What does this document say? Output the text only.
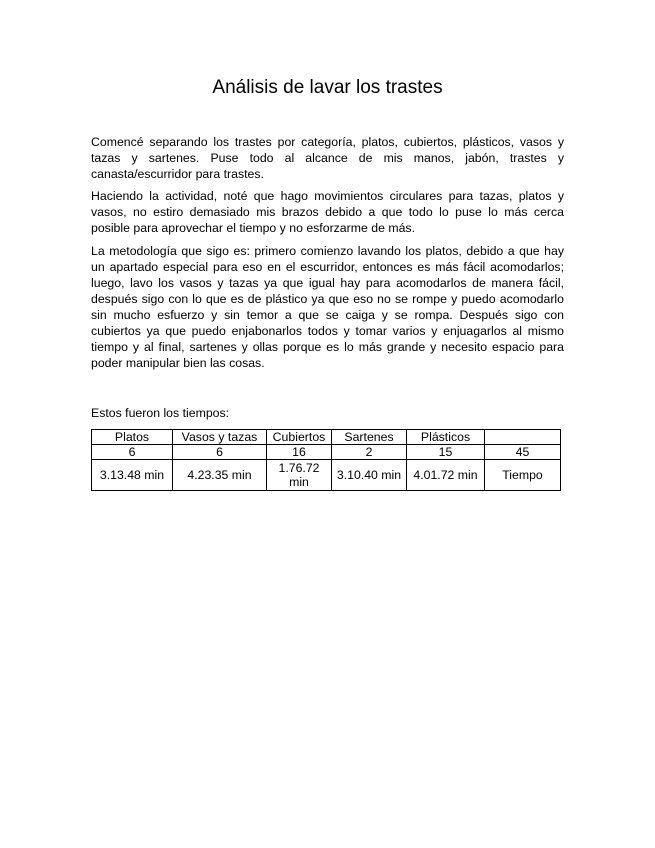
Análisis de lavar los trastes

Comencé separando los trastes por categoría, platos, cubiertos, plásticos, vasos y tazas y sartenes. Puse todo al alcance de mis manos, jabón, trastes y canasta/escurridor para trastes.

Haciendo la actividad, noté que hago movimientos circulares para tazas, platos y vasos, no estiro demasiado mis brazos debido a que todo lo puse lo más cerca posible para aprovechar el tiempo y no esforzarme de más.

La metodología que sigo es: primero comienzo lavando los platos, debido a que hay un apartado especial para eso en el escurridor, entonces es más fácil acomodarlos; luego, lavo los vasos y tazas ya que igual hay para acomodarlos de manera fácil, después sigo con lo que es de plástico ya que eso no se rompe y puedo acomodarlo sin mucho esfuerzo y sin temor a que se caiga y se rompa. Después sigo con cubiertos ya que puedo enjabonarlos todos y tomar varios y enjuagarlos al mismo tiempo y al final, sartenes y ollas porque es lo más grande y necesito espacio para poder manipular bien las cosas.

Estos fueron los tiempos:

Platos	Vasos y tazas	Cubiertos	Sartenes	Plásticos	
6	6	16	2	15	45
3.13.48 min	4.23.35 min	1.76.72 min	3.10.40 min	4.01.72 min	Tiempo
